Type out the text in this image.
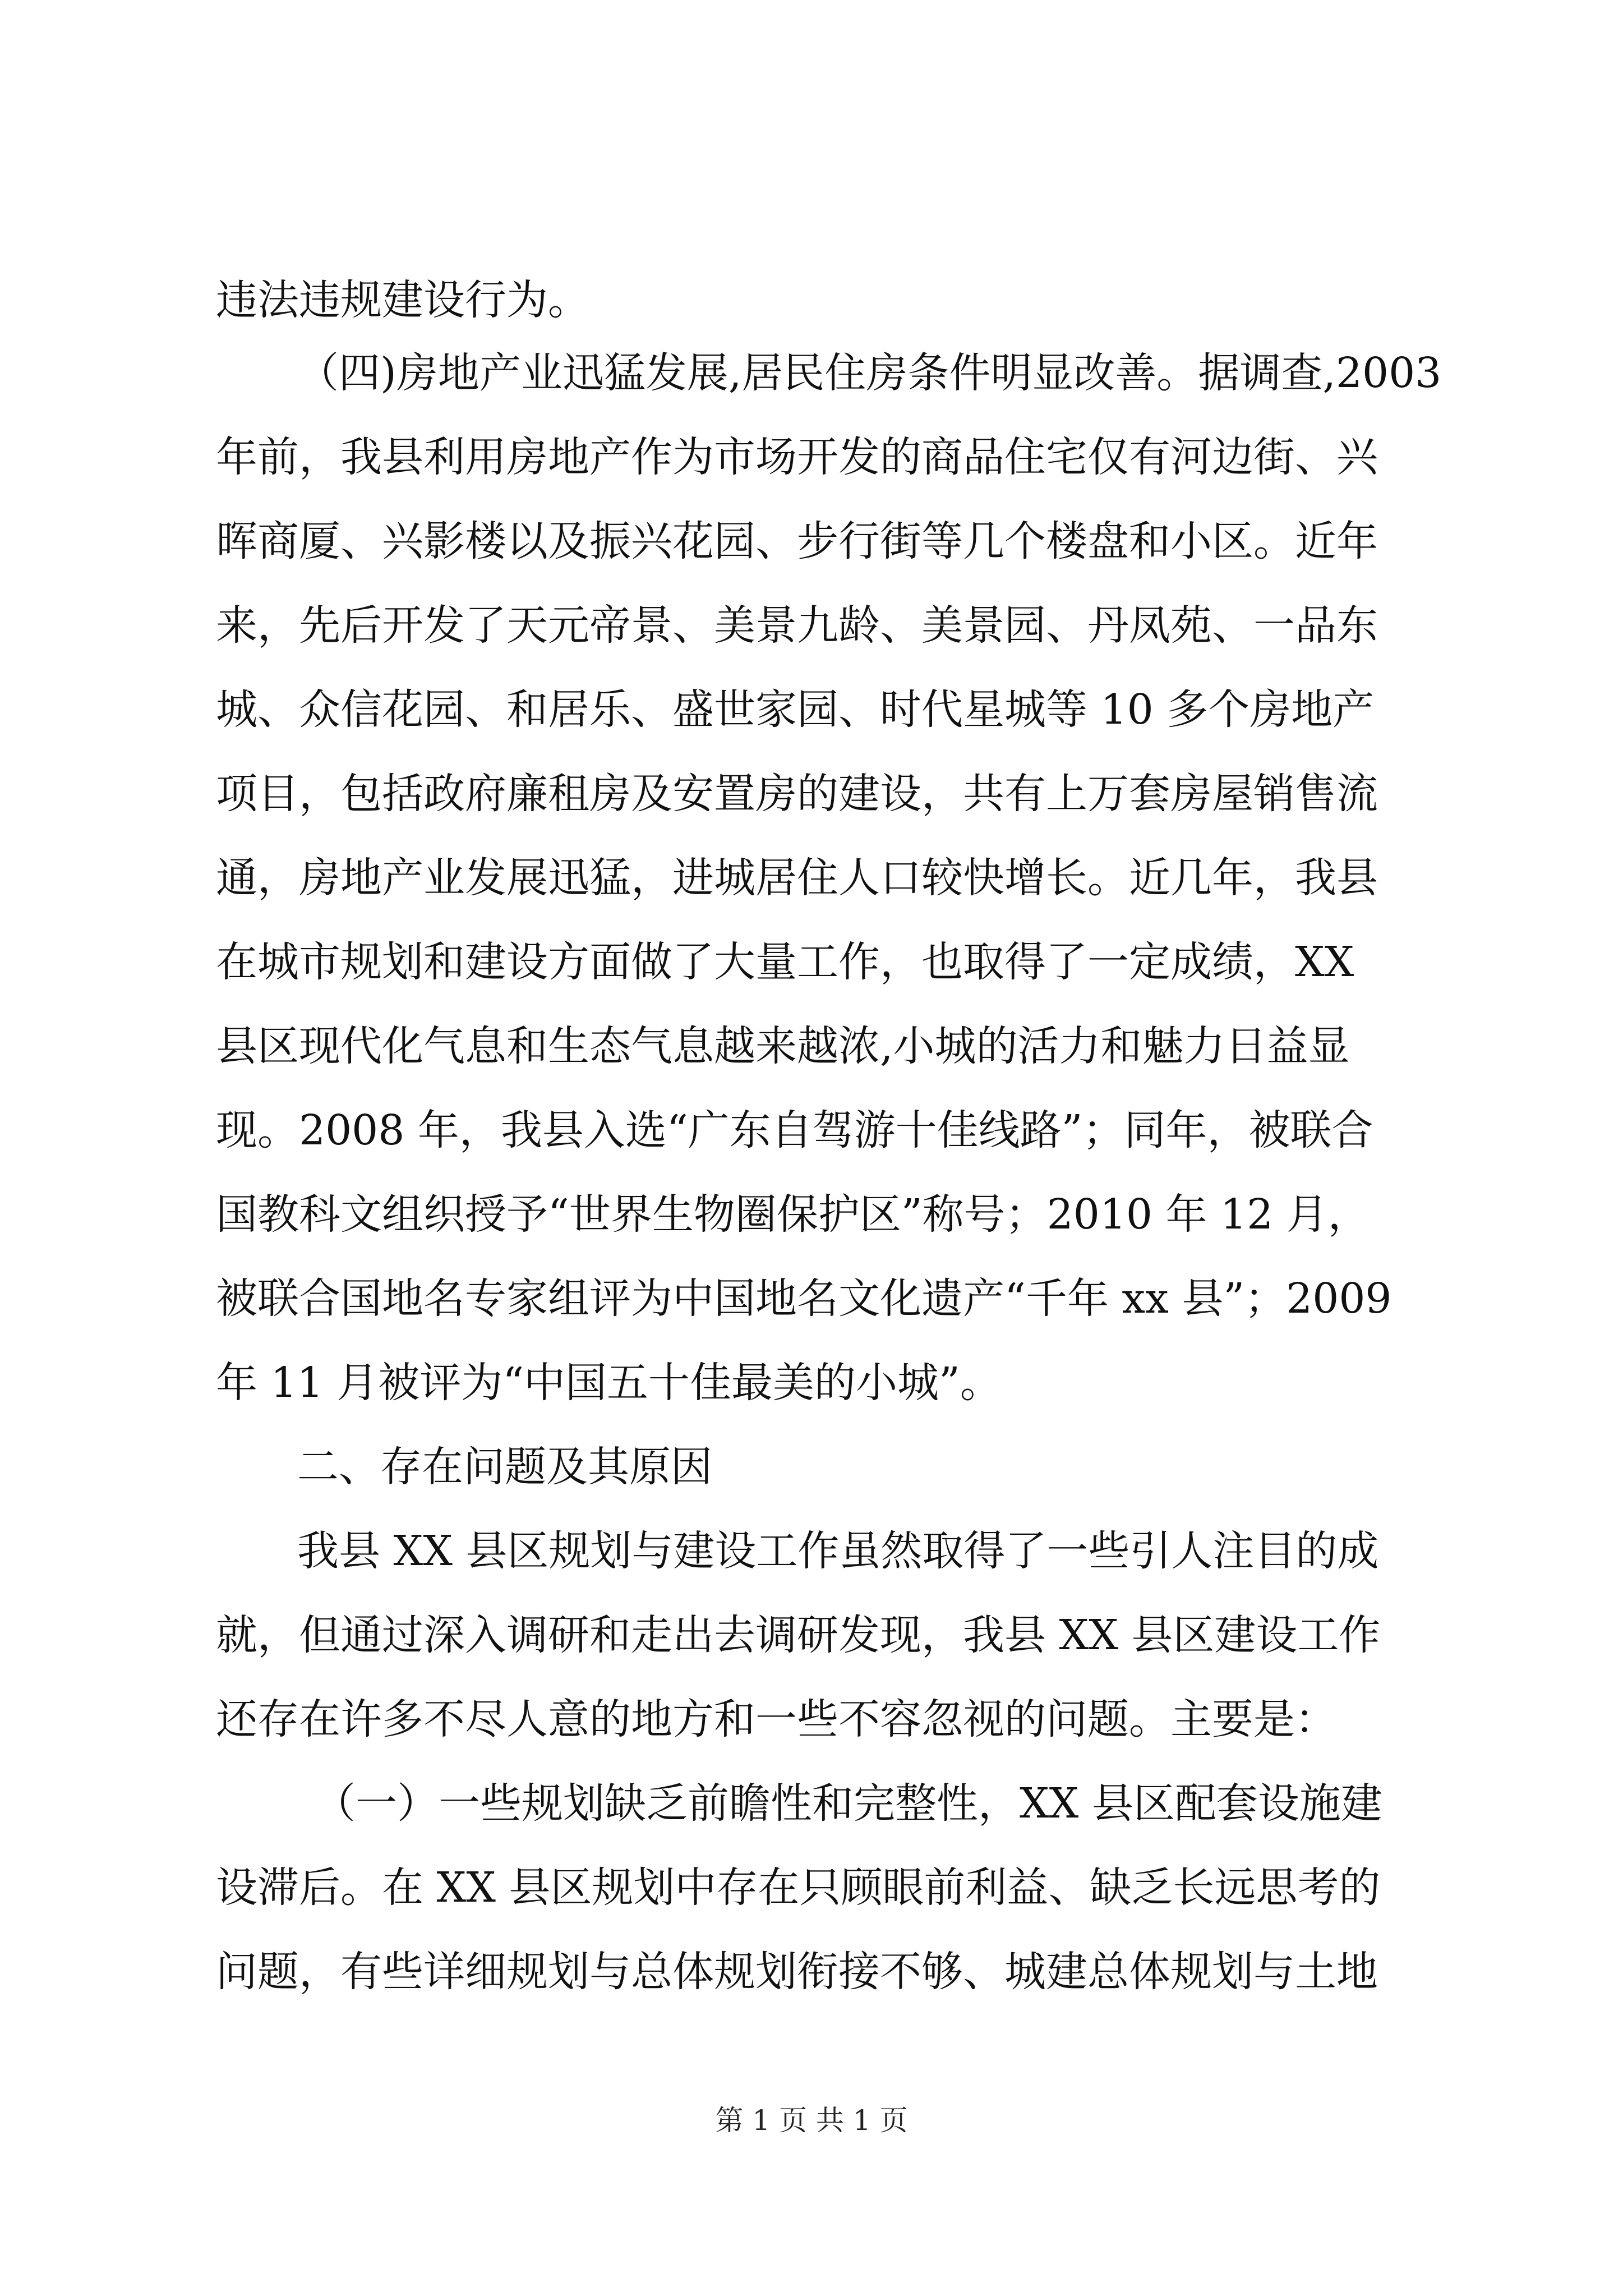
违法违规建设行为。

（四)房地产业迅猛发展,居民住房条件明显改善。据调查,2003

年前，我县利用房地产作为市场开发的商品住宅仅有河边街、兴

晖商厦、兴影楼以及振兴花园、步行街等几个楼盘和小区。近年

来，先后开发了天元帝景、美景九龄、美景园、丹凤苑、一品东

城、众信花园、和居乐、盛世家园、时代星城等 10 多个房地产

项目，包括政府廉租房及安置房的建设，共有上万套房屋销售流

通，房地产业发展迅猛，进城居住人口较快增长。近几年，我县

在城市规划和建设方面做了大量工作，也取得了一定成绩，XX

县区现代化气息和生态气息越来越浓,小城的活力和魅力日益显

现。2008 年，我县入选“广东自驾游十佳线路”；同年，被联合

国教科文组织授予“世界生物圈保护区”称号；2010 年 12 月，

被联合国地名专家组评为中国地名文化遗产“千年 xx 县”；2009

年 11 月被评为“中国五十佳最美的小城”。

二、存在问题及其原因

我县 XX 县区规划与建设工作虽然取得了一些引人注目的成

就，但通过深入调研和走出去调研发现，我县 XX 县区建设工作

还存在许多不尽人意的地方和一些不容忽视的问题。主要是：

（一）一些规划缺乏前瞻性和完整性，XX 县区配套设施建

设滞后。在 XX 县区规划中存在只顾眼前利益、缺乏长远思考的

问题，有些详细规划与总体规划衔接不够、城建总体规划与土地

第 1 页 共 1 页
